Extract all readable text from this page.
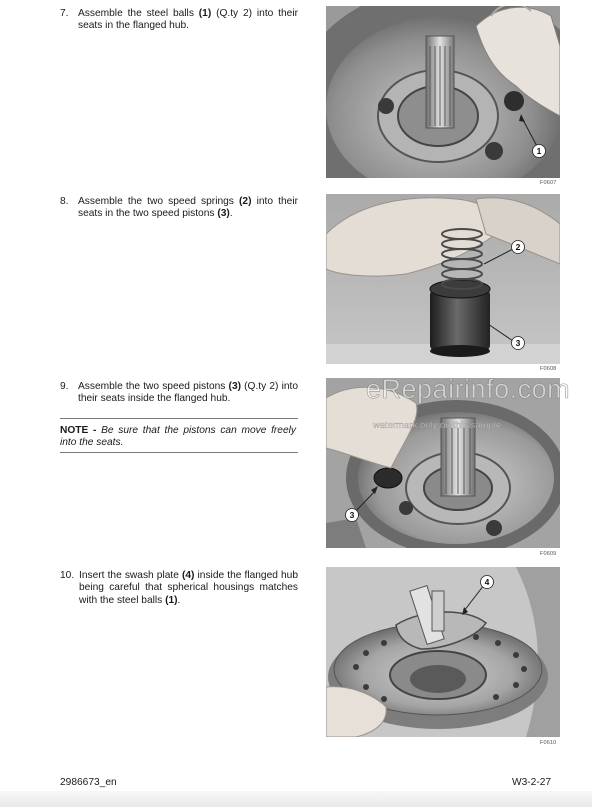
7. Assemble the steel balls (1) (Q.ty 2) into their seats in the flanged hub.

8. Assemble the two speed springs (2) into their seats in the two speed pistons (3).

9. Assemble the two speed pistons (3) (Q.ty 2) into their seats inside the flanged hub.

NOTE - Be sure that the pistons can move freely into the seats.

10. Insert the swash plate (4) inside the flanged hub being careful that spherical housings matches with the steel balls (1).

1
F0607
2
3
F0608
3
F0609
4
F0610
eRepairinfo.com
watermark only on this sample
2986673_en	W3-2-27
